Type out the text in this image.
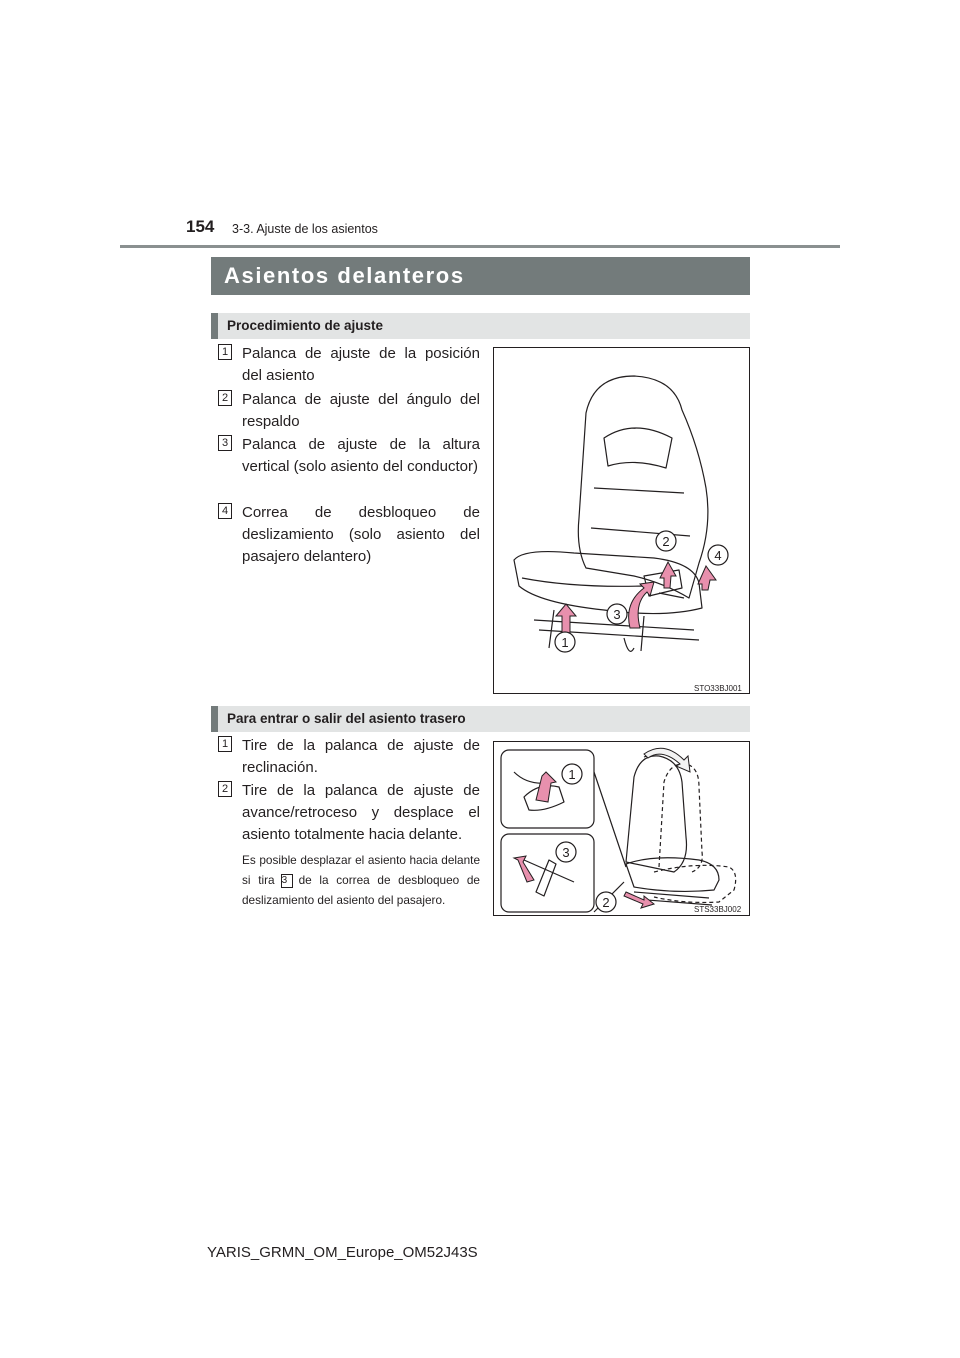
154 3-3. Ajuste de los asientos
Asientos delanteros
Procedimiento de ajuste
1 Palanca de ajuste de la posición del asiento
2 Palanca de ajuste del ángulo del respaldo
3 Palanca de ajuste de la altura vertical (solo asiento del conductor)
4 Correa de desbloqueo de deslizamiento (solo asiento del pasajero delantero)
1
2
3
4
STO33BJ001
Para entrar o salir del asiento trasero
1 Tire de la palanca de ajuste de reclinación.
2 Tire de la palanca de ajuste de avance/retroceso y desplace el asiento totalmente hacia delante.
Es posible desplazar el asiento hacia delante si tira 3 de la correa de desbloqueo de deslizamiento del asiento del pasajero.
1
3
2	STS33BJ002
YARIS_GRMN_OM_Europe_OM52J43S
